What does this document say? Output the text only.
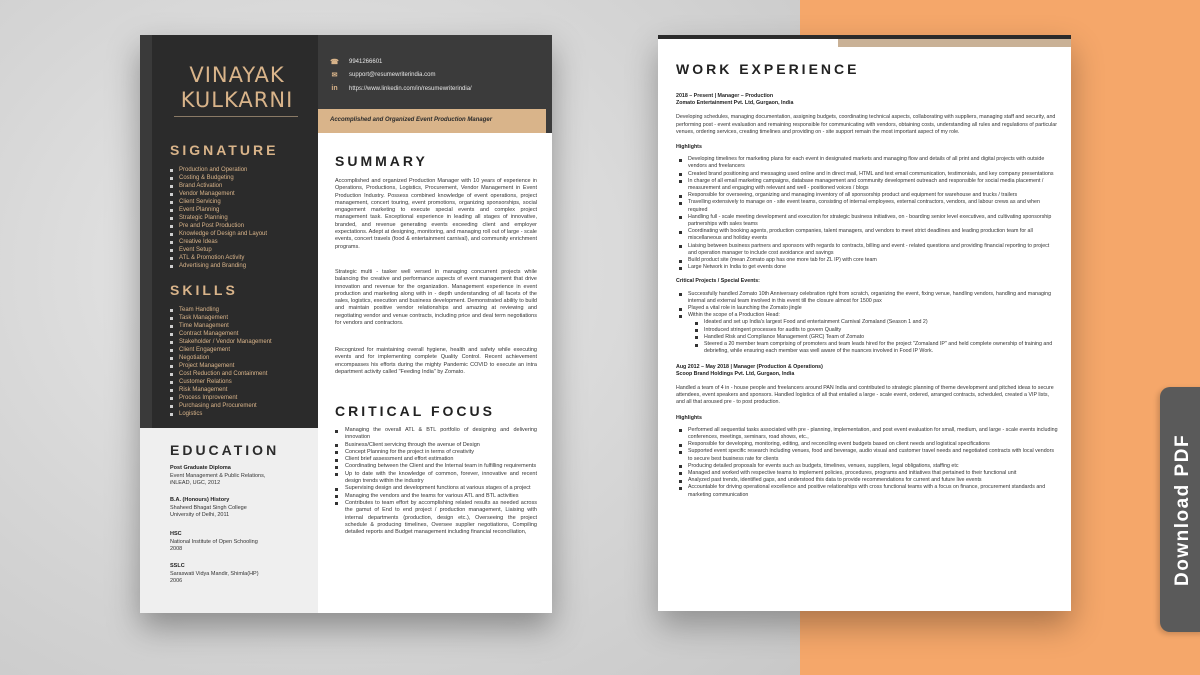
VINAYAK
KULKARNI
☎ 9941266601
✉ support@resumewriterindia.com
in https://www.linkedin.com/in/resumewriterindia/
Accomplished and Organized Event Production Manager
SIGNATURE
Production and Operation
Costing & Budgeting
Brand Activation
Vendor Management
Client Servicing
Event Planning
Strategic Planning
Pre and Post Production
Knowledge of Design and Layout
Creative Ideas
Event Setup
ATL & Promotion Activity
Advertising and Branding
SKILLS
Team Handling
Task Management
Time Management
Contract Management
Stakeholder / Vendor Management
Client Engagement
Negotiation
Project Management
Cost Reduction and Containment
Customer Relations
Risk Management
Process Improvement
Purchasing and Procurement
Logistics
EDUCATION
Post Graduate Diploma
Event Management & Public Relations,
iNLEAD, UGC, 2012
B.A. (Honours) History
Shaheed Bhagat Singh College
University of Delhi, 2011
HSC
National Institute of Open Schooling
2008
SSLC
Saraswati Vidya Mandir, Shimla(HP)
2006
SUMMARY
Accomplished and organized Production Manager with 10 years of experience in Operations, Productions, Logistics, Procurement, Vendor Management in Event Production Industry. Possess combined knowledge of event operations, project management, concert touring, event promotions, organizing sponsorships, social engagement marketing to execute special events and complex project management task. Exceptional experience in leading all stages of innovative, branded, and revenue generating events exceeding client and employer expectations. Adept at designing, monitoring, and managing roll out of large - scale events, concert travels (food & entertainment carnival), and community enrichment programs.
Strategic multi - tasker well versed in managing concurrent projects while balancing the creative and performance aspects of event management that drive innovation and revenue for the organization. Management experience in event production and marketing along with in - depth understanding of all facets of the sales, logistics, execution and business development. Demonstrated ability to build and maintain positive vendor relationships and amazing at reviewing and negotiating vendor and venue contracts, including price and deal term negotiations for vendors and contractors.
Recognized for maintaining overall hygiene, health and safety while executing events and for implementing complete Quality Control. Recent achievement encompasses his efforts during the mighty Pandemic COVID to execute an intra department activity called "Feeding India" by Zomato.
CRITICAL FOCUS
Managing the overall ATL & BTL portfolio of designing and delivering innovation
Business/Client servicing through the avenue of Design
Concept Planning for the project in terms of creativity
Client brief assessment and effort estimation
Coordinating between the Client and the Internal team in fulfilling requirements
Up to date with the knowledge of common, forever, innovative and recent design trends within the industry
Supervising design and development functions at various stages of a project
Managing the vendors and the teams for various ATL and BTL activities
Contributes to team effort by accomplishing related results as needed across the gamut of End to end project / production management, Liaising with internal departments (production, design etc.), Overseeing the project schedule & producing timelines, Oversee supplier negotiations, Compiling detailed reports and Budget management including financial reconciliation,
WORK EXPERIENCE
2018 – Present | Manager – Production
Zomato Entertainment Pvt. Ltd, Gurgaon, India
Developing schedules, managing documentation, assigning budgets, coordinating technical aspects, collaborating with suppliers, managing staff and security, and performing post - event evaluation and remaining responsible for communicating with vendors, obtaining costs, understanding all rules and regulations of particular venues, ordering services, creating timelines and providing on - site support remain the most important aspect of my role.
Highlights
Developing timelines for marketing plans for each event in designated markets and managing flow and details of all print and digital projects with outside vendors and freelancers
Created brand positioning and messaging used online and in direct mail, HTML and text email communication, testimonials, and key company presentations
In charge of all email marketing campaigns, database management and community development outreach and responsible for social media placement / measurement and engaging with relevant and well - positioned voices / blogs
Responsible for overseeing, organizing and managing inventory of all sponsorship product and equipment for warehouse and trucks / trailers
Travelling extensively to manage on - site event teams, consisting of internal employees, external contractors, vendors, and labour crews as and when required
Handling full - scale meeting development and execution for strategic business initiatives, on - boarding senior level executives, and cultivating sponsorship partnerships with sales teams
Coordinating with booking agents, production companies, talent managers, and vendors to meet strict deadlines and leading production team for all miscellaneous and holiday events
Liaising between business partners and sponsors with regards to contracts, billing and event - related questions and providing financial reporting to project and operation manager to include cost avoidance and savings
Build product site (mean Zomato app has one more tab for ZL IP) with core team
Large Network in India to get events done
Critical Projects / Special Events:
Successfully handled Zomato 10th Anniversary celebration right from scratch, organizing the event, fixing venue, handling vendors, handling and managing internal and external team involved in this event till the closure almost for 1500 pax
Played a vital role in launching the Zomato jingle
Within the scope of a Production Head:
Ideated and set up India's largest Food and entertainment Carnival Zomaland (Season 1 and 2)
Introduced stringent processes for audits to govern Quality
Handled Risk and Compliance Management (GRC) Team of Zomato
Steered a 20 member team comprising of promoters and team leads hired for the project "Zomaland IP" and held complete ownership of training and debriefing, while ensuring each member was well aware of the nuances involved in Food IP Work.
Aug 2012 – May 2018 | Manager (Production & Operations)
Scoop Brand Holdings Pvt. Ltd, Gurgaon, India
Handled a team of 4 in - house people and freelancers around PAN India and contributed to strategic planning of theme development and pitched ideas to secure attendees, event speakers and sponsors. Handled logistics of all that entailed a large - scale event, ordered, arranged contracts, scheduled, created a VIP lists, and all that aroused pre - to post production.
Highlights
Performed all sequential tasks associated with pre - planning, implementation, and post event evaluation for small, medium, and large - scale events including conferences, meetings, seminars, road shows, etc.,
Responsible for developing, monitoring, editing, and reconciling event budgets based on client needs and logistical specifications
Supported event specific research including venues, food and beverage, audio visual and customer travel needs and negotiated contracts with local vendors to secure best business rate for clients
Producing detailed proposals for events such as budgets, timelines, venues, suppliers, legal obligations, staffing etc
Managed and worked with respective teams to implement policies, procedures, programs and initiatives that pertained to their functional unit
Analyzed past trends, identified gaps, and understood this data to provide recommendations for current and future live events
Accountable for driving operational excellence and positive relationships with cross functional teams with a focus on finance, procurement standards and marketing communication	Download PDF
